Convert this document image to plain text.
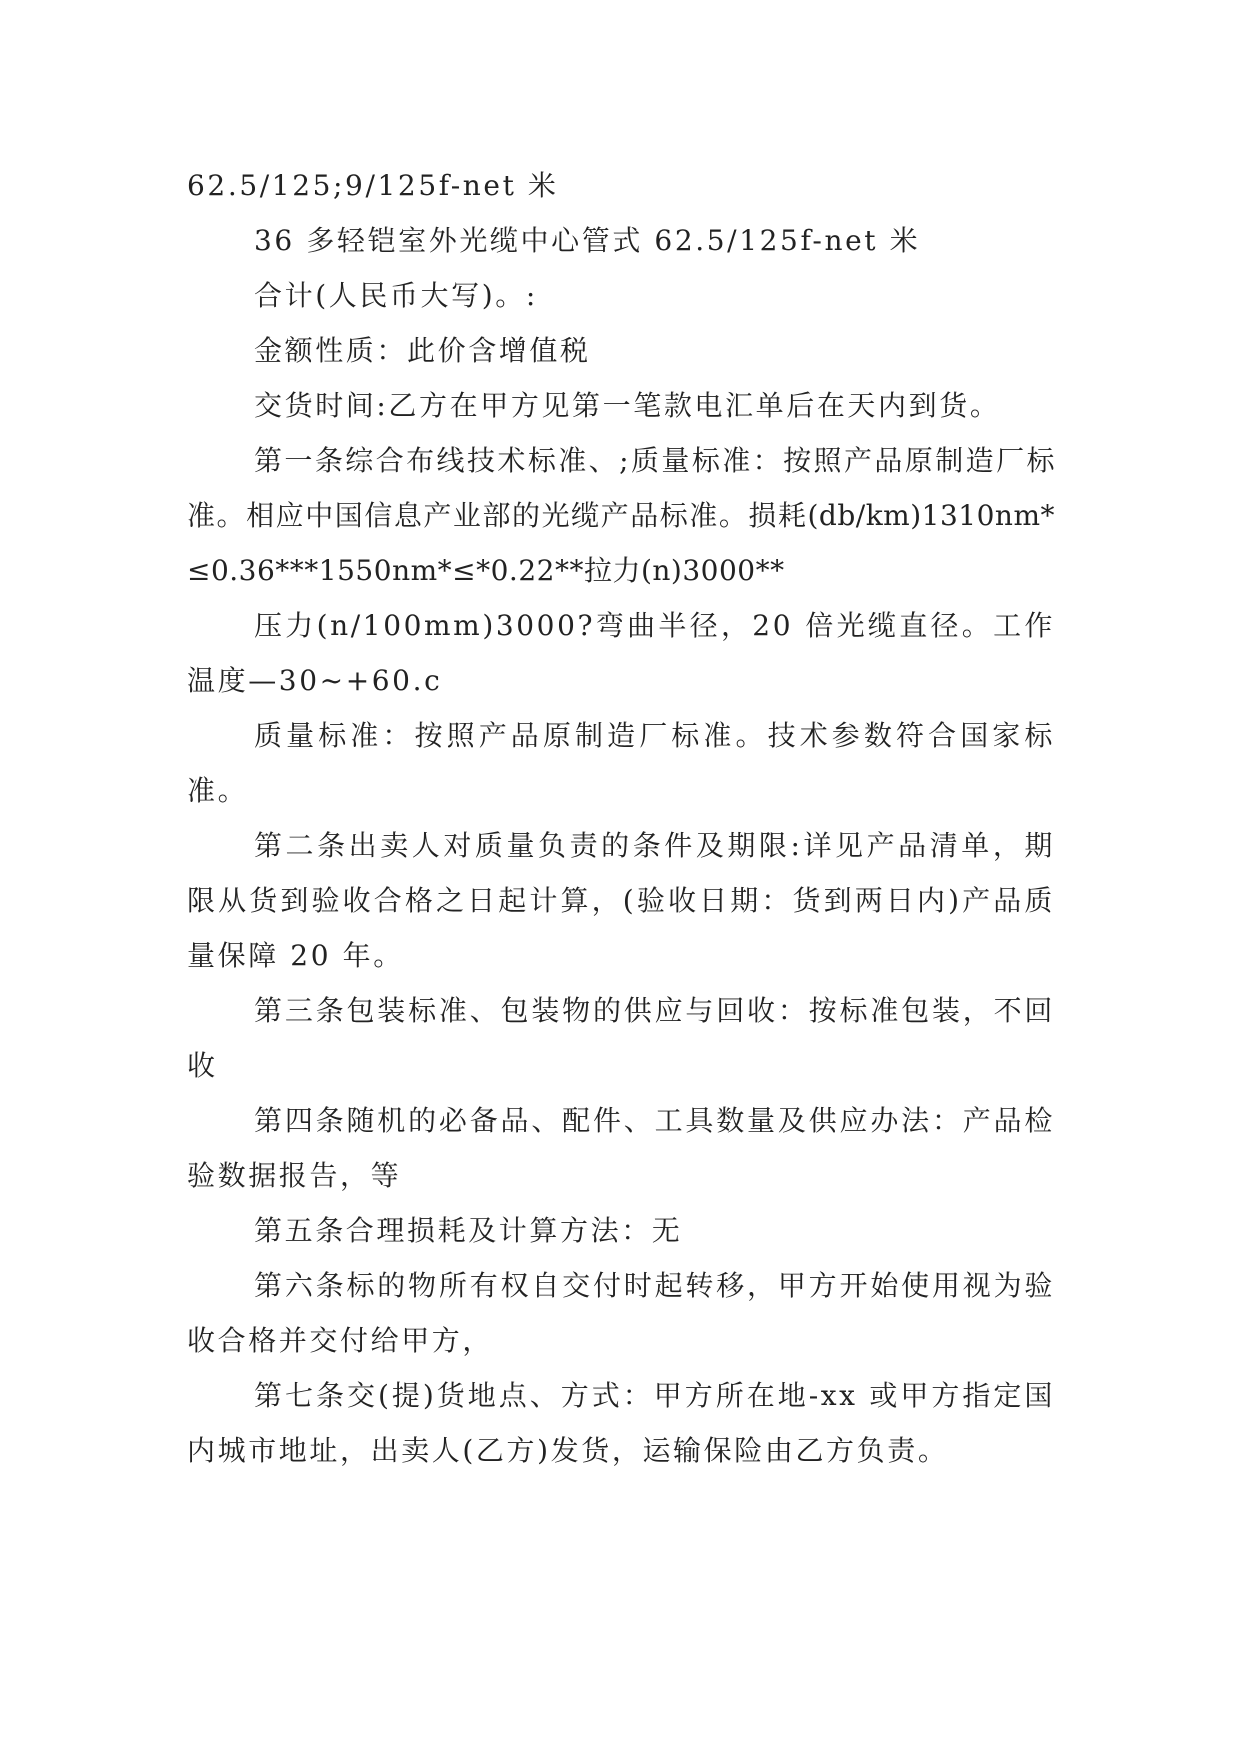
62.5/125;9/125f-net 米

36 多轻铠室外光缆中心管式 62.5/125f-net 米

合计(人民币大写)。:

金额性质：此价含增值税

交货时间:乙方在甲方见第一笔款电汇单后在天内到货。

第一条综合布线技术标准、;质量标准：按照产品原制造厂标准。相应中国信息产业部的光缆产品标准。损耗(db/km)1310nm*≤0.36***1550nm*≤*0.22**拉力(n)3000**

压力(n/100mm)3000?弯曲半径，20 倍光缆直径。工作温度—30~+60.c

质量标准：按照产品原制造厂标准。技术参数符合国家标准。

第二条出卖人对质量负责的条件及期限:详见产品清单，期限从货到验收合格之日起计算，(验收日期：货到两日内)产品质量保障 20 年。

第三条包装标准、包装物的供应与回收：按标准包装，不回收

第四条随机的必备品、配件、工具数量及供应办法：产品检验数据报告，等

第五条合理损耗及计算方法：无

第六条标的物所有权自交付时起转移，甲方开始使用视为验收合格并交付给甲方，

第七条交(提)货地点、方式：甲方所在地-xx 或甲方指定国内城市地址，出卖人(乙方)发货，运输保险由乙方负责。
